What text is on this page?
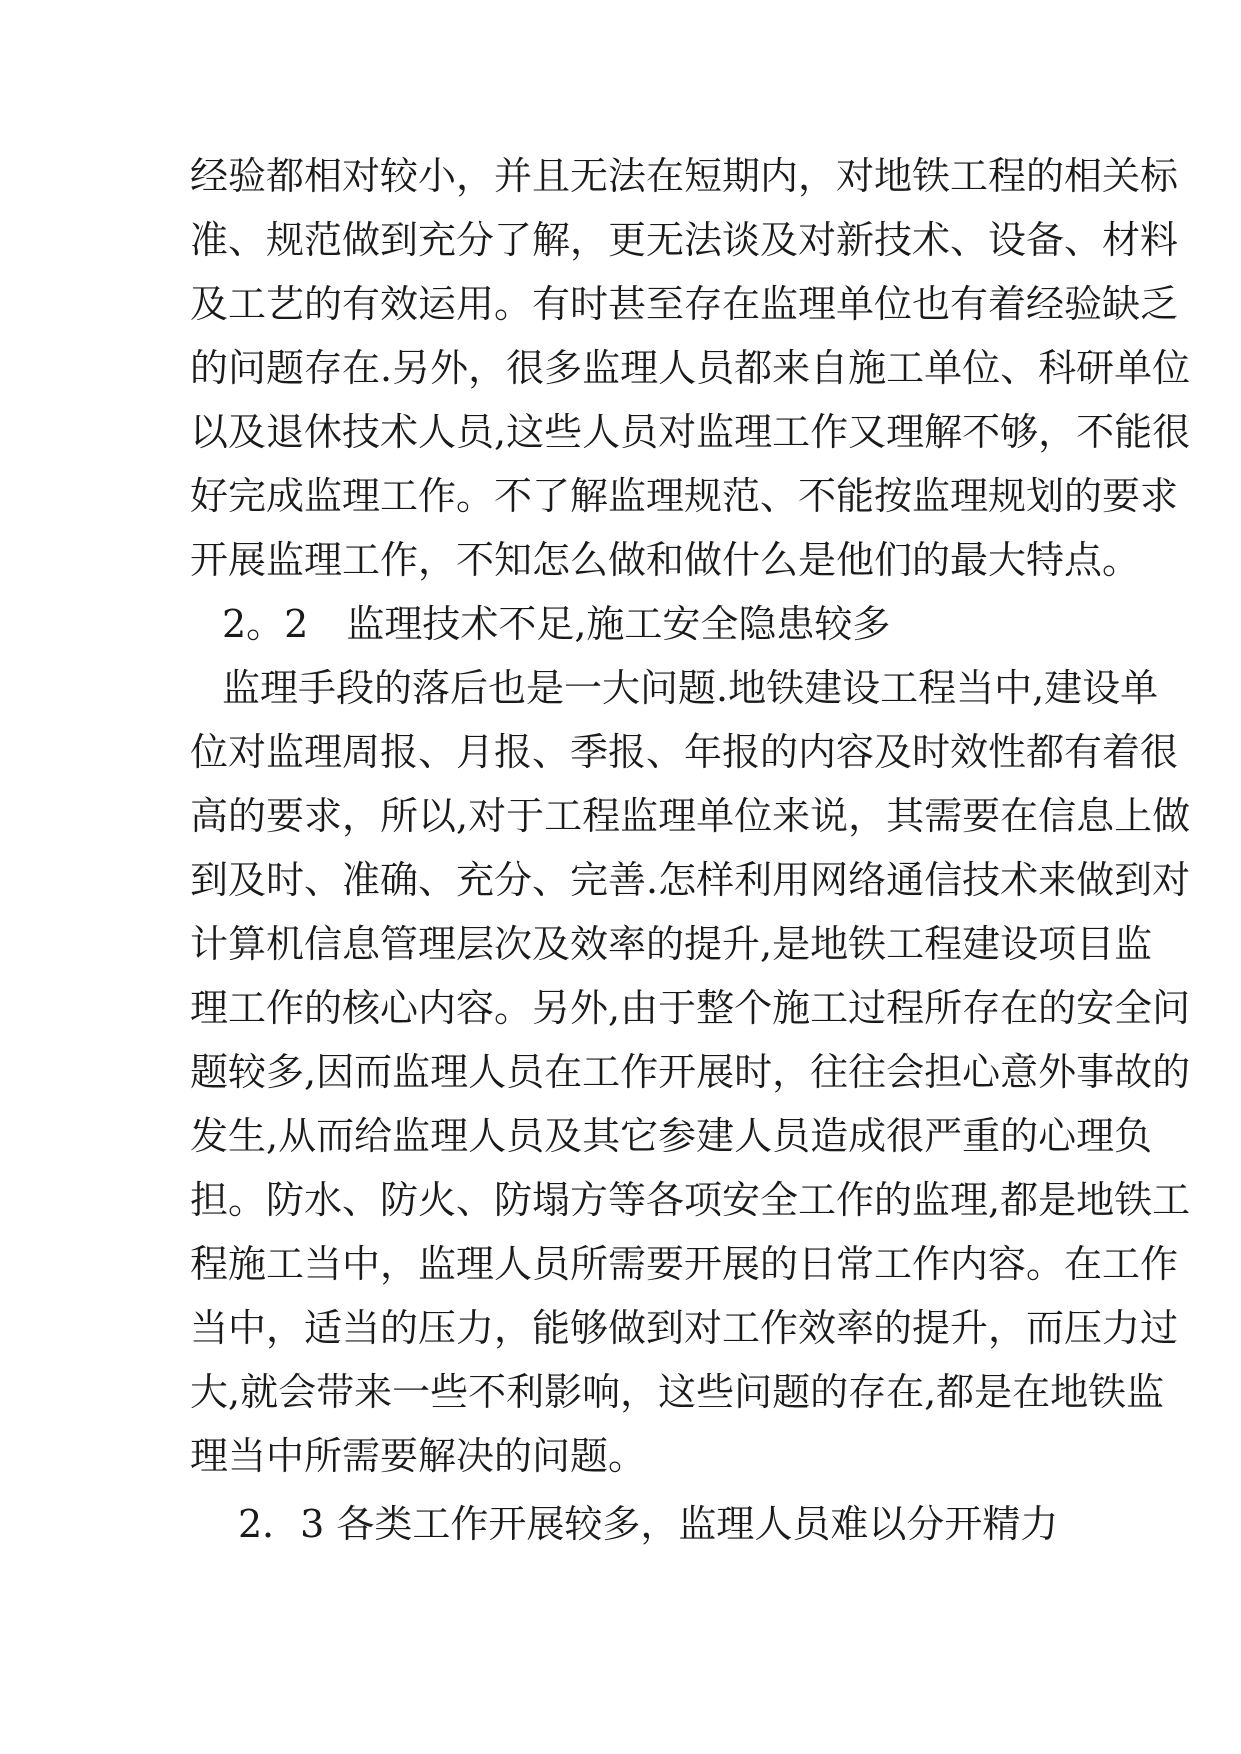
经验都相对较小，并且无法在短期内，对地铁工程的相关标
准、规范做到充分了解，更无法谈及对新技术、设备、材料
及工艺的有效运用。有时甚至存在监理单位也有着经验缺乏
的问题存在.另外，很多监理人员都来自施工单位、科研单位
以及退休技术人员,这些人员对监理工作又理解不够，不能很
好完成监理工作。不了解监理规范、不能按监理规划的要求
开展监理工作，不知怎么做和做什么是他们的最大特点。
2。2　监理技术不足,施工安全隐患较多
监理手段的落后也是一大问题.地铁建设工程当中,建设单
位对监理周报、月报、季报、年报的内容及时效性都有着很
高的要求，所以,对于工程监理单位来说，其需要在信息上做
到及时、准确、充分、完善.怎样利用网络通信技术来做到对
计算机信息管理层次及效率的提升,是地铁工程建设项目监
理工作的核心内容。另外,由于整个施工过程所存在的安全问
题较多,因而监理人员在工作开展时，往往会担心意外事故的
发生,从而给监理人员及其它参建人员造成很严重的心理负
担。防水、防火、防塌方等各项安全工作的监理,都是地铁工
程施工当中，监理人员所需要开展的日常工作内容。在工作
当中，适当的压力，能够做到对工作效率的提升，而压力过
大,就会带来一些不利影响，这些问题的存在,都是在地铁监
理当中所需要解决的问题。
2．3 各类工作开展较多，监理人员难以分开精力
